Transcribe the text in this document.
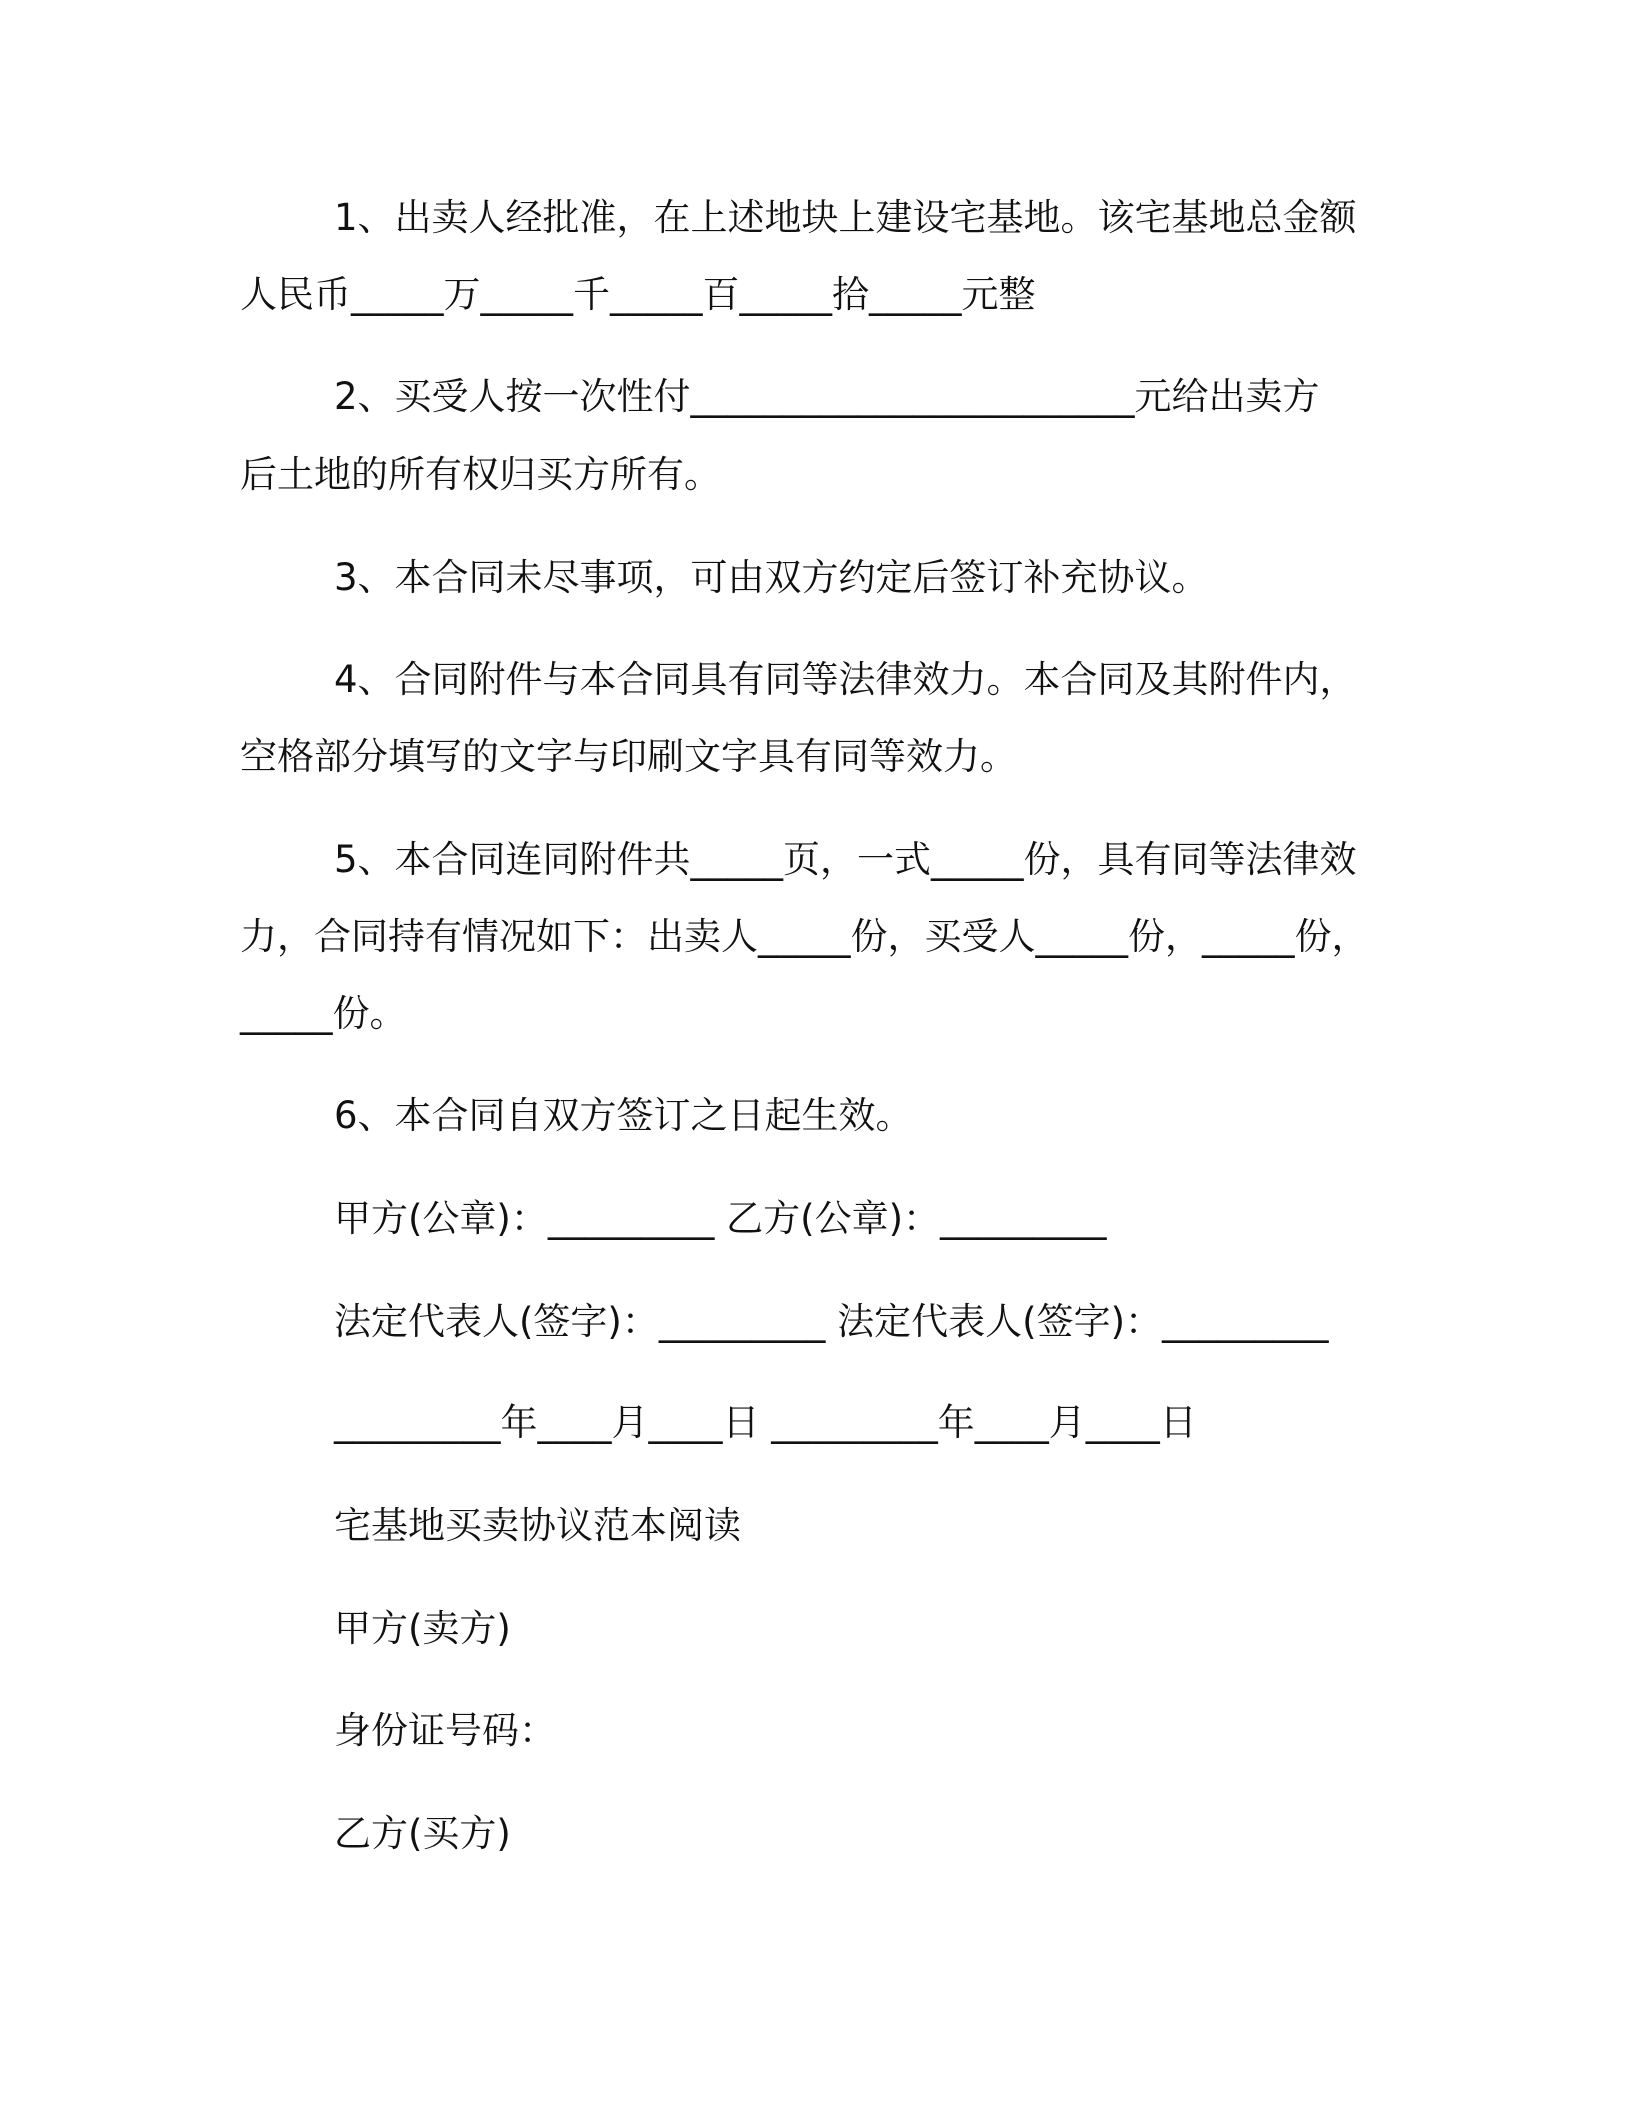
1、出卖人经批准，在上述地块上建设宅基地。该宅基地总金额
人民币_____万_____千_____百_____拾_____元整
2、买受人按一次性付________________________元给出卖方
后土地的所有权归买方所有。
3、本合同未尽事项，可由双方约定后签订补充协议。
4、合同附件与本合同具有同等法律效力。本合同及其附件内，
空格部分填写的文字与印刷文字具有同等效力。
5、本合同连同附件共_____页，一式_____份，具有同等法律效
力，合同持有情况如下：出卖人_____份，买受人_____份，_____份，
_____份。
6、本合同自双方签订之日起生效。
甲方(公章)：_________ 乙方(公章)：_________
法定代表人(签字)：_________ 法定代表人(签字)：_________
_________年____月____日 _________年____月____日
宅基地买卖协议范本阅读
甲方(卖方)
身份证号码：
乙方(买方)
